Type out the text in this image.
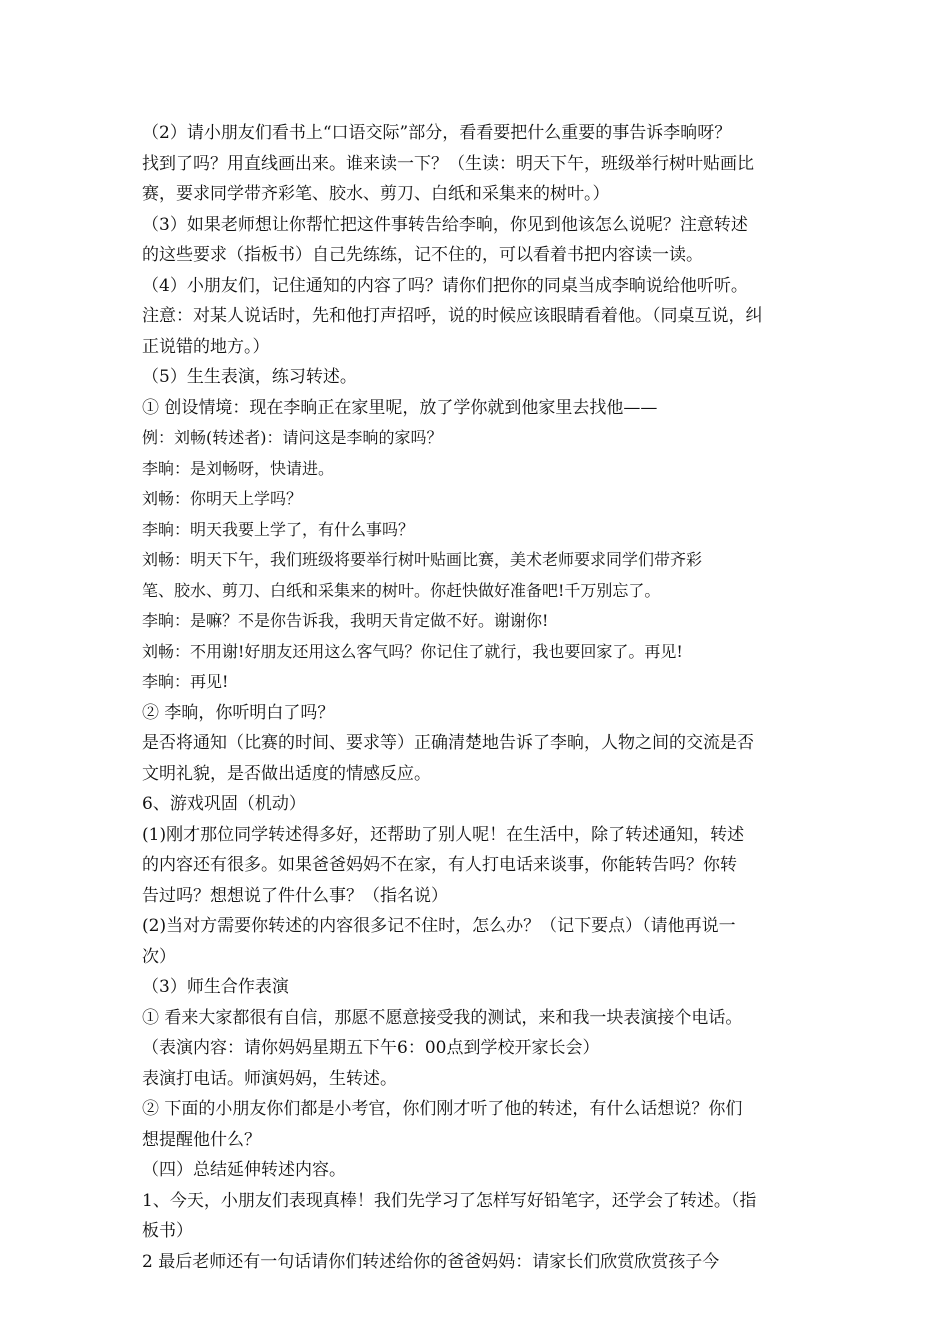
（2）请小朋友们看书上“口语交际”部分，看看要把什么重要的事告诉李晌呀？
找到了吗？用直线画出来。谁来读一下？（生读：明天下午，班级举行树叶贴画比
赛，要求同学带齐彩笔、胶水、剪刀、白纸和采集来的树叶。）
（3）如果老师想让你帮忙把这件事转告给李晌，你见到他该怎么说呢？注意转述
的这些要求（指板书）自己先练练，记不住的，可以看着书把内容读一读。
（4）小朋友们，记住通知的内容了吗？请你们把你的同桌当成李晌说给他听听。
注意：对某人说话时，先和他打声招呼，说的时候应该眼睛看着他。（同桌互说，纠
正说错的地方。）
（5）生生表演，练习转述。
① 创设情境：现在李晌正在家里呢，放了学你就到他家里去找他——
例：刘畅(转述者)：请问这是李晌的家吗？
李晌：是刘畅呀，快请进。
刘畅：你明天上学吗？
李晌：明天我要上学了，有什么事吗？
刘畅：明天下午，我们班级将要举行树叶贴画比赛，美术老师要求同学们带齐彩
笔、胶水、剪刀、白纸和采集来的树叶。你赶快做好准备吧!千万别忘了。
李晌：是嘛？不是你告诉我，我明天肯定做不好。谢谢你!
刘畅：不用谢!好朋友还用这么客气吗？你记住了就行，我也要回家了。再见!
李晌：再见!
② 李晌，你听明白了吗？
是否将通知（比赛的时间、要求等）正确清楚地告诉了李晌，人物之间的交流是否
文明礼貌，是否做出适度的情感反应。
6、游戏巩固（机动）
(1)刚才那位同学转述得多好，还帮助了别人呢！在生活中，除了转述通知，转述
的内容还有很多。如果爸爸妈妈不在家，有人打电话来谈事，你能转告吗？你转
告过吗？想想说了件什么事？（指名说）
(2)当对方需要你转述的内容很多记不住时，怎么办？（记下要点）（请他再说一
次）
（3）师生合作表演
① 看来大家都很有自信，那愿不愿意接受我的测试，来和我一块表演接个电话。
（表演内容：请你妈妈星期五下午6：00点到学校开家长会）
表演打电话。师演妈妈，生转述。
② 下面的小朋友你们都是小考官，你们刚才听了他的转述，有什么话想说？你们
想提醒他什么？
（四）总结延伸转述内容。
1、今天，小朋友们表现真棒！我们先学习了怎样写好铅笔字，还学会了转述。（指
板书）
2 最后老师还有一句话请你们转述给你的爸爸妈妈：请家长们欣赏欣赏孩子今
